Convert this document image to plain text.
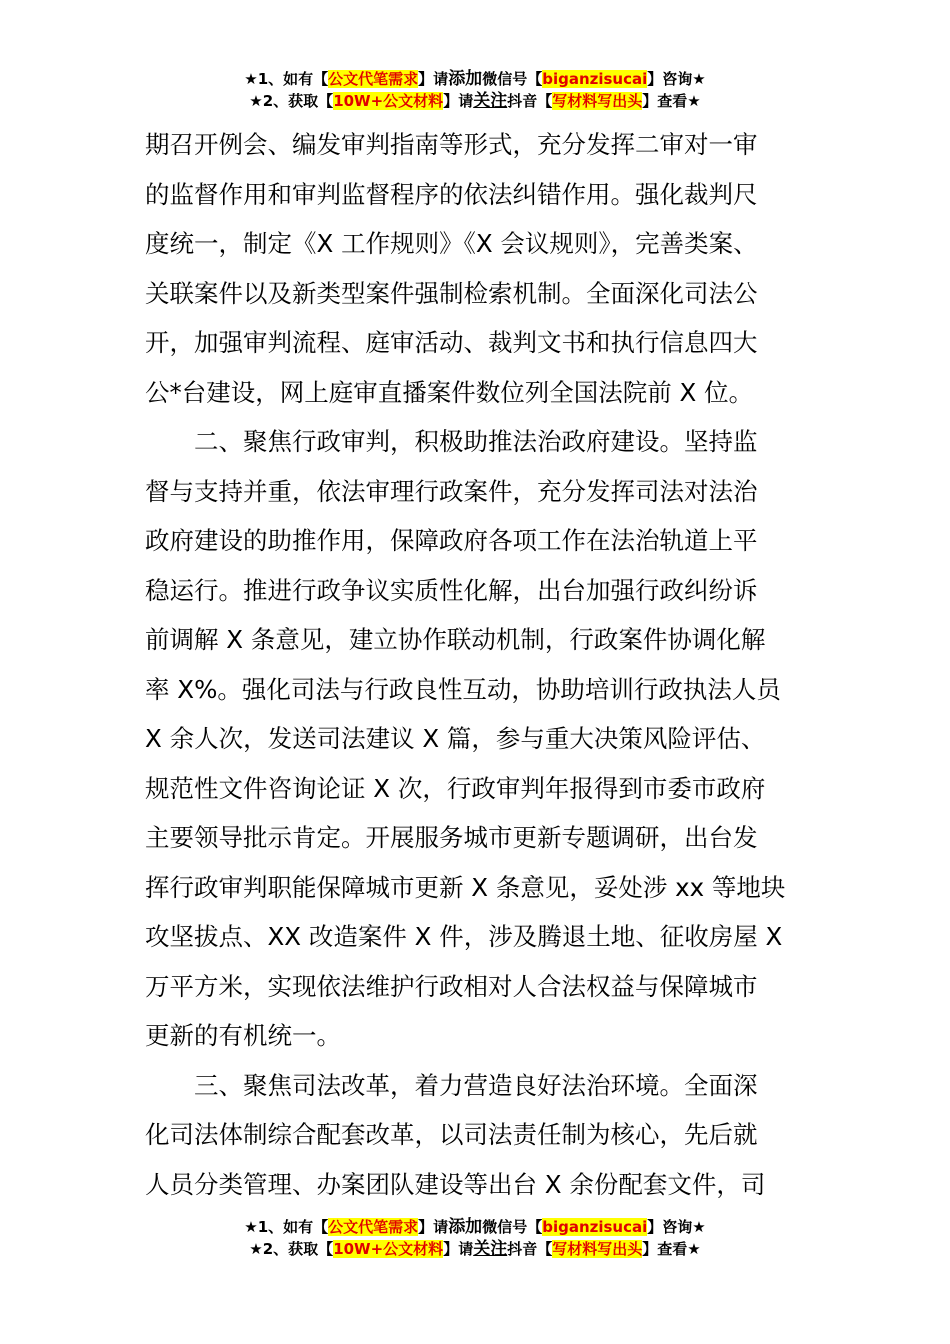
★1、如有【公文代笔需求】请添加微信号【biganzisucai】咨询★
★2、获取【10W+公文材料】请关注抖音【写材料写出头】查看★
期召开例会、编发审判指南等形式，充分发挥二审对一审
的监督作用和审判监督程序的依法纠错作用。强化裁判尺
度统一，制定《X 工作规则》《X 会议规则》，完善类案、
关联案件以及新类型案件强制检索机制。全面深化司法公
开，加强审判流程、庭审活动、裁判文书和执行信息四大
公*台建设，网上庭审直播案件数位列全国法院前 X 位。
二、聚焦行政审判，积极助推法治政府建设。坚持监
督与支持并重，依法审理行政案件，充分发挥司法对法治
政府建设的助推作用，保障政府各项工作在法治轨道上平
稳运行。推进行政争议实质性化解，出台加强行政纠纷诉
前调解 X 条意见，建立协作联动机制，行政案件协调化解
率 X%。强化司法与行政良性互动，协助培训行政执法人员
X 余人次，发送司法建议 X 篇，参与重大决策风险评估、
规范性文件咨询论证 X 次，行政审判年报得到市委市政府
主要领导批示肯定。开展服务城市更新专题调研，出台发
挥行政审判职能保障城市更新 X 条意见，妥处涉 xx 等地块
攻坚拔点、XX 改造案件 X 件，涉及腾退土地、征收房屋 X
万平方米，实现依法维护行政相对人合法权益与保障城市
更新的有机统一。
三、聚焦司法改革，着力营造良好法治环境。全面深
化司法体制综合配套改革，以司法责任制为核心，先后就
人员分类管理、办案团队建设等出台 X 余份配套文件，司
★1、如有【公文代笔需求】请添加微信号【biganzisucai】咨询★
★2、获取【10W+公文材料】请关注抖音【写材料写出头】查看★
